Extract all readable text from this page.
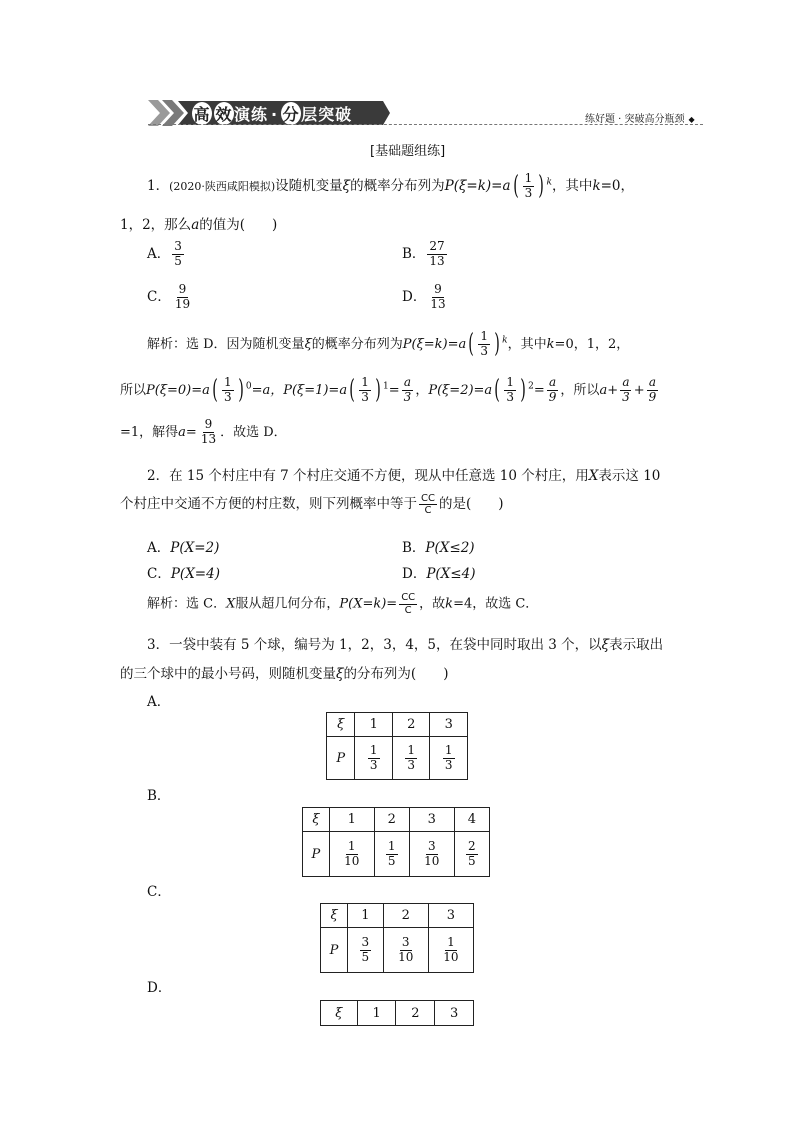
高 效演练 · 分层突破	练好题 · 突破高分瓶颈 ◆
[基础题组练]
1．(2020·陕西咸阳模拟)设随机变量ξ的概率分布列为$P(\xi=k)=a( \frac{1}{3}$ ) $^k$，其中k=0，
1，2，那么a的值为(　　)
A． $\frac{3}{5}$	B． $\frac{27}{13}$
C． $\frac{9}{19}$	D． $\frac{9}{13}$
解析：选 D．因为随机变量ξ的概率分布列为$P(\xi=k)=a( \frac{1}{3}$ ) $^k$，其中k=0，1，2，
所以$P(\xi=0)=a( \frac{1}{3}$ ) $^0$=a，$P(\xi=1)=a( \frac{1}{3}$ ) $^1= \frac{a}{3}$ ，$P(\xi=2)=a( \frac{1}{3}$ ) $^2= \frac{a}{9}$ ，所以$a+ \frac{a}{3} + \frac{a}{9}$
=1，解得$a= \frac{9}{13}$ ．故选 D．
2．在 15 个村庄中有 7 个村庄交通不方便，现从中任意选 10 个村庄，用X表示这 10
个村庄中交通不方便的村庄数，则下列概率中等于 $\frac{CC}{C}$ 的是(　　)
A．P(X=2)	B．P(X≤2)
C．P(X=4)	D．P(X≤4)
解析：选 C．X服从超几何分布，$P(X=k)= \frac{CC}{C}$ ，故k=4，故选 C．
3．一袋中装有 5 个球，编号为 1，2，3，4，5，在袋中同时取出 3 个，以ξ表示取出
的三个球中的最小号码，则随机变量ξ的分布列为(　　)
A．
ξ	1	2	3
P	$\frac{1}{3}$	$\frac{1}{3}$	$\frac{1}{3}$
B．
ξ	1	2	3	4
P	$\frac{1}{10}$	$\frac{1}{5}$	$\frac{3}{10}$	$\frac{2}{5}$
C．
ξ	1	2	3
P	$\frac{3}{5}$	$\frac{3}{10}$	$\frac{1}{10}$
D．
ξ	1	2	3
